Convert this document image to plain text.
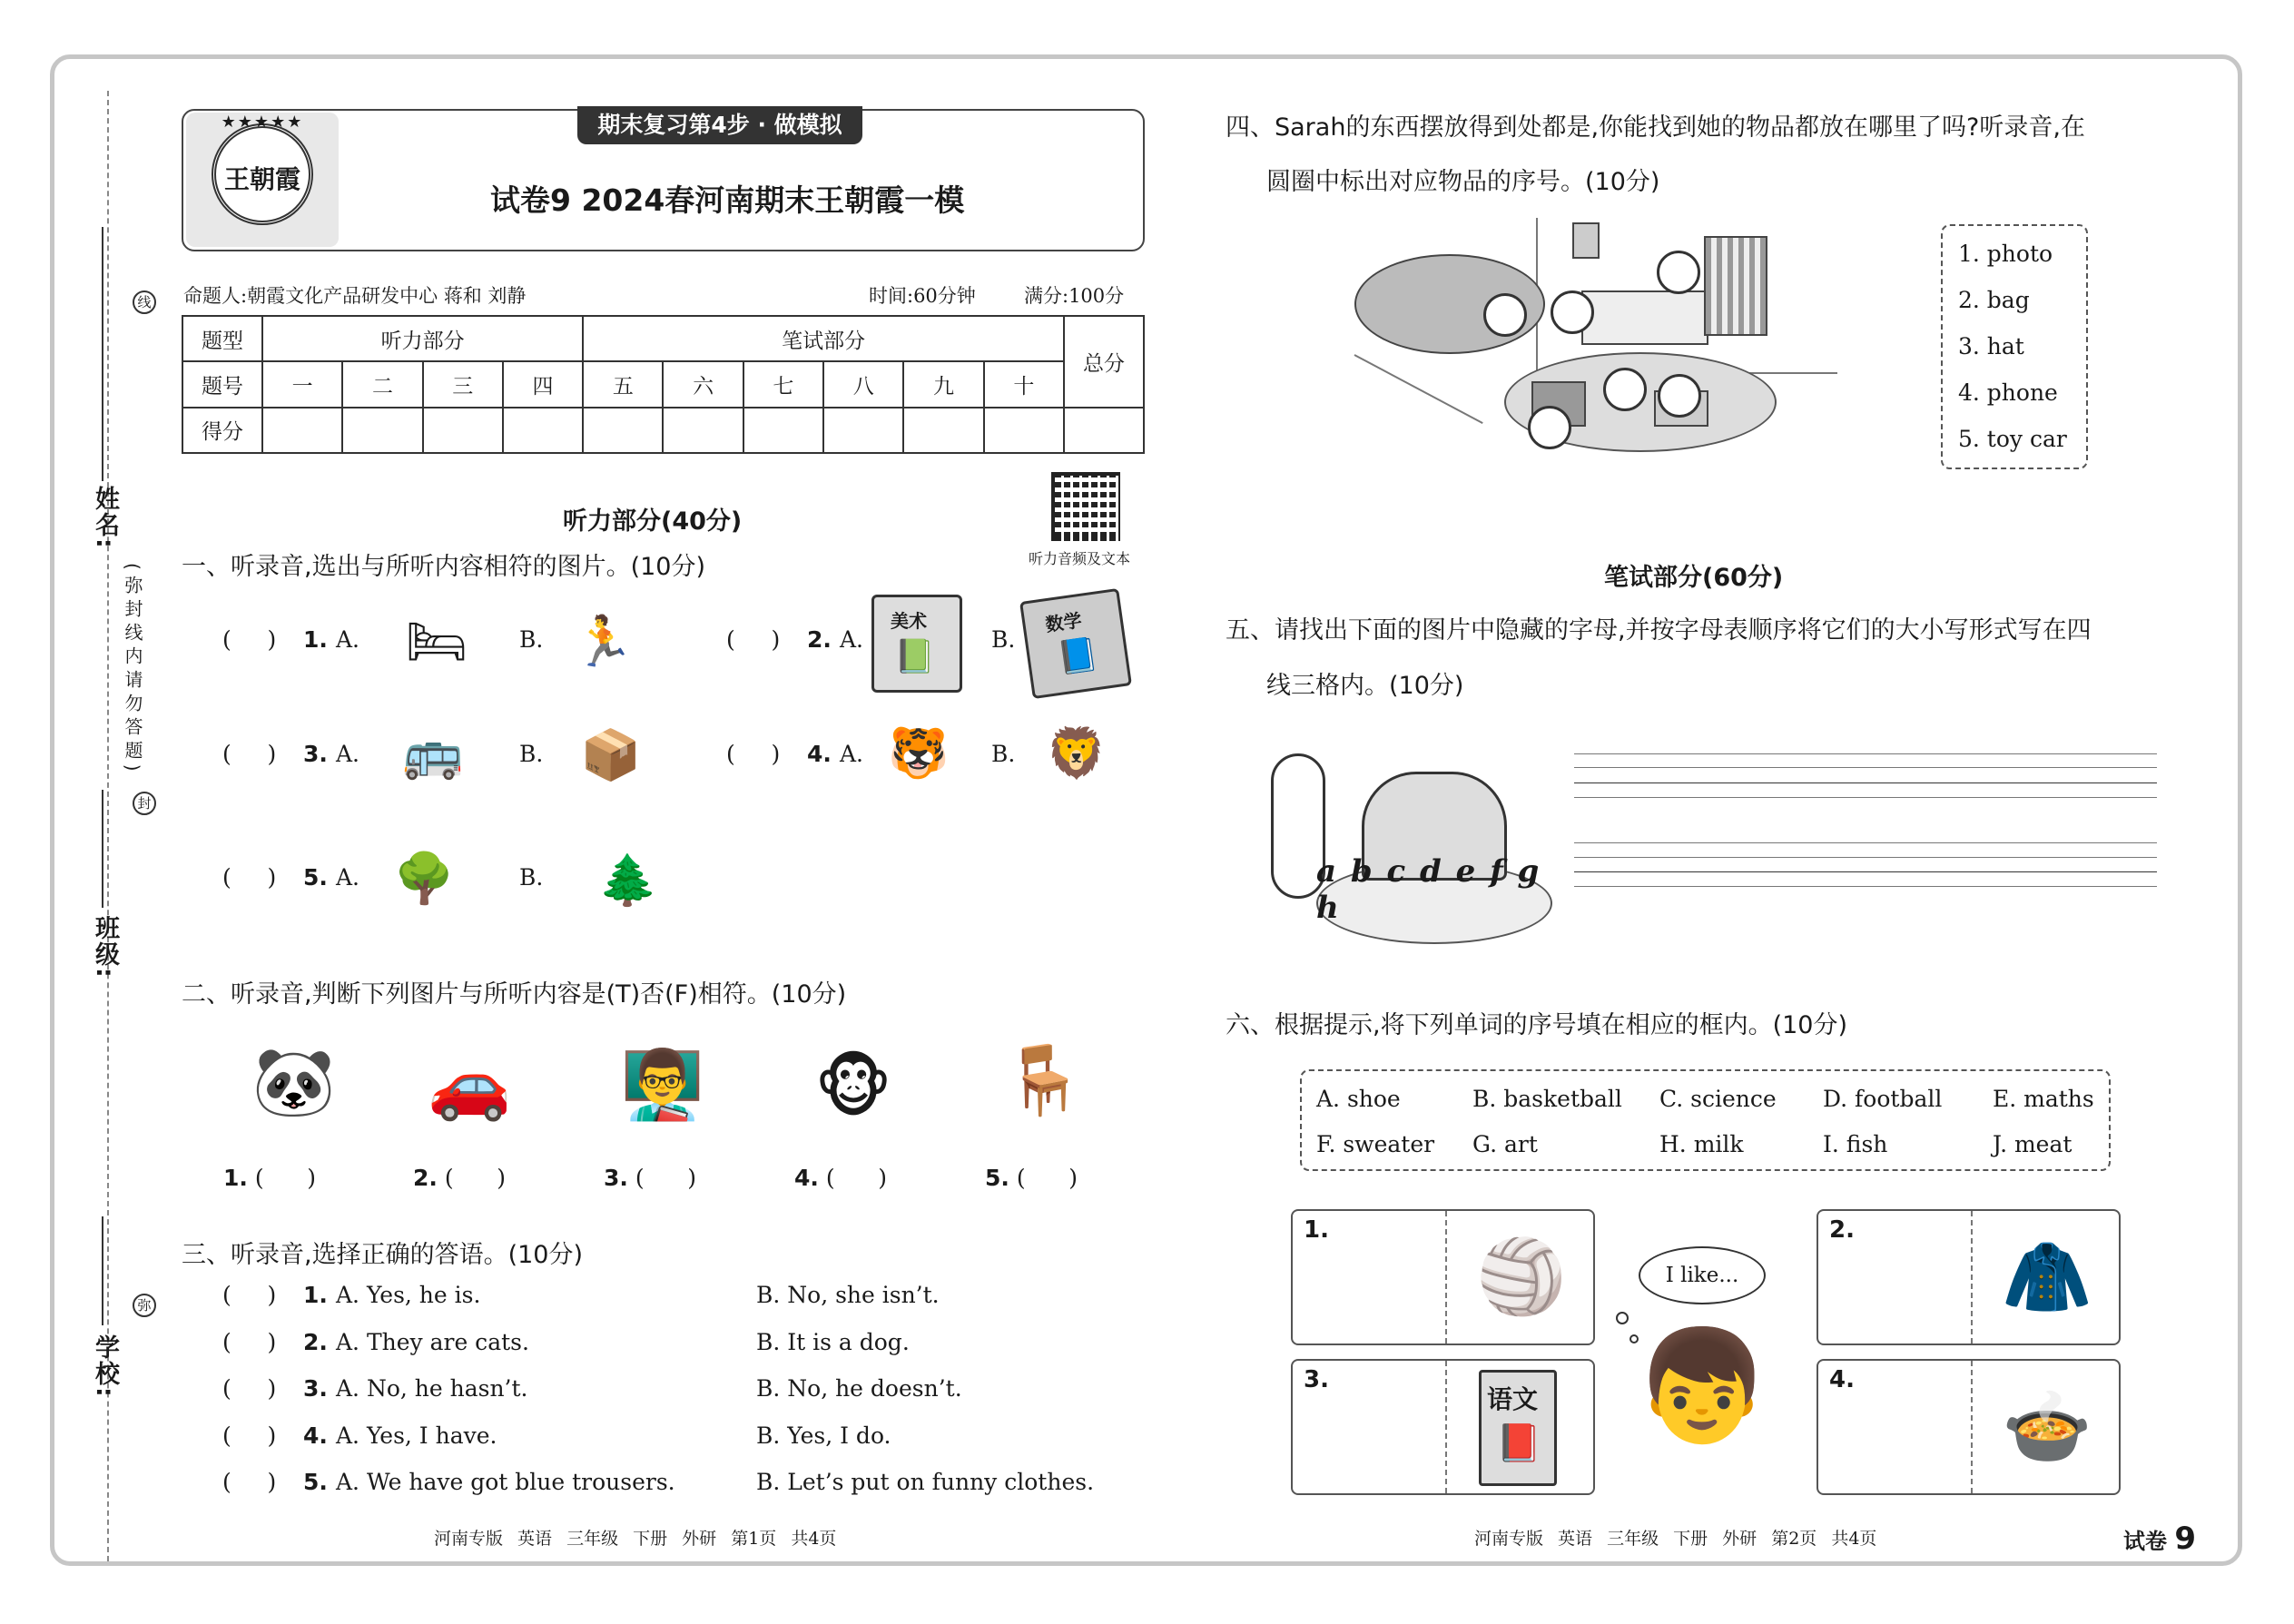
学校:
班级:
姓名:
线
封
弥
(弥封线内请勿答题)
期末复习第4步 · 做模拟
★★★★★
王朝霞
试卷9 2024春河南期末王朝霞一模
命题人:朝霞文化产品研发中心 蒋和 刘静	时间:60分钟	满分:100分
题型	听力部分				笔试部分						总分
题号	一	二	三	四	五	六	七	八	九	十	
得分											
听力音频及文本
听力部分(40分)
一、听录音,选出与所听内容相符的图片。(10分)
(     ) 1. A. 🛏	B. 🏃	(     ) 2. A.
美术
📗 B.
数学
📘
(     ) 3. A. 🚌	B. 📦	(     ) 4. A. 🐯	B. 🦁
(     ) 5. A. 🌳	B.	🌲
二、听录音,判断下列图片与所听内容是(T)否(F)相符。(10分)
🐼	🚗	👨‍🏫	🐵 🪑
1. (      )	2. (      )	3. (      )	4. (      )	5. (      )
三、听录音,选择正确的答语。(10分)
(     ) 1. A. Yes, he is.	B. No, she isn’t.
(     ) 2. A. They are cats.	B. It is a dog.
(     ) 3. A. No, he hasn’t.	B. No, he doesn’t.
(     ) 4. A. Yes, I have.	B. Yes, I do.
(     ) 5. A. We have got blue trousers.	B. Let’s put on funny clothes.
河南专版 英语 三年级 下册 外研 第1页 共4页
四、Sarah的东西摆放得到处都是,你能找到她的物品都放在哪里了吗?听录音,在
圆圈中标出对应物品的序号。(10分)
1. photo
2. bag
3. hat
4. phone
5. toy car
笔试部分(60分)
五、请找出下面的图片中隐藏的字母,并按字母表顺序将它们的大小写形式写在四
线三格内。(10分)
a b c d e f g h
六、根据提示,将下列单词的序号填在相应的框内。(10分)
A. shoe	B. basketball C. science D. football E. maths
F. sweater G. art	H. milk	I. fish	J. meat
1.
🏐
2.
🧥
3.
语文
📕
4.
🍲
I like...
👦
河南专版 英语 三年级 下册 外研 第2页 共4页	试卷 9
